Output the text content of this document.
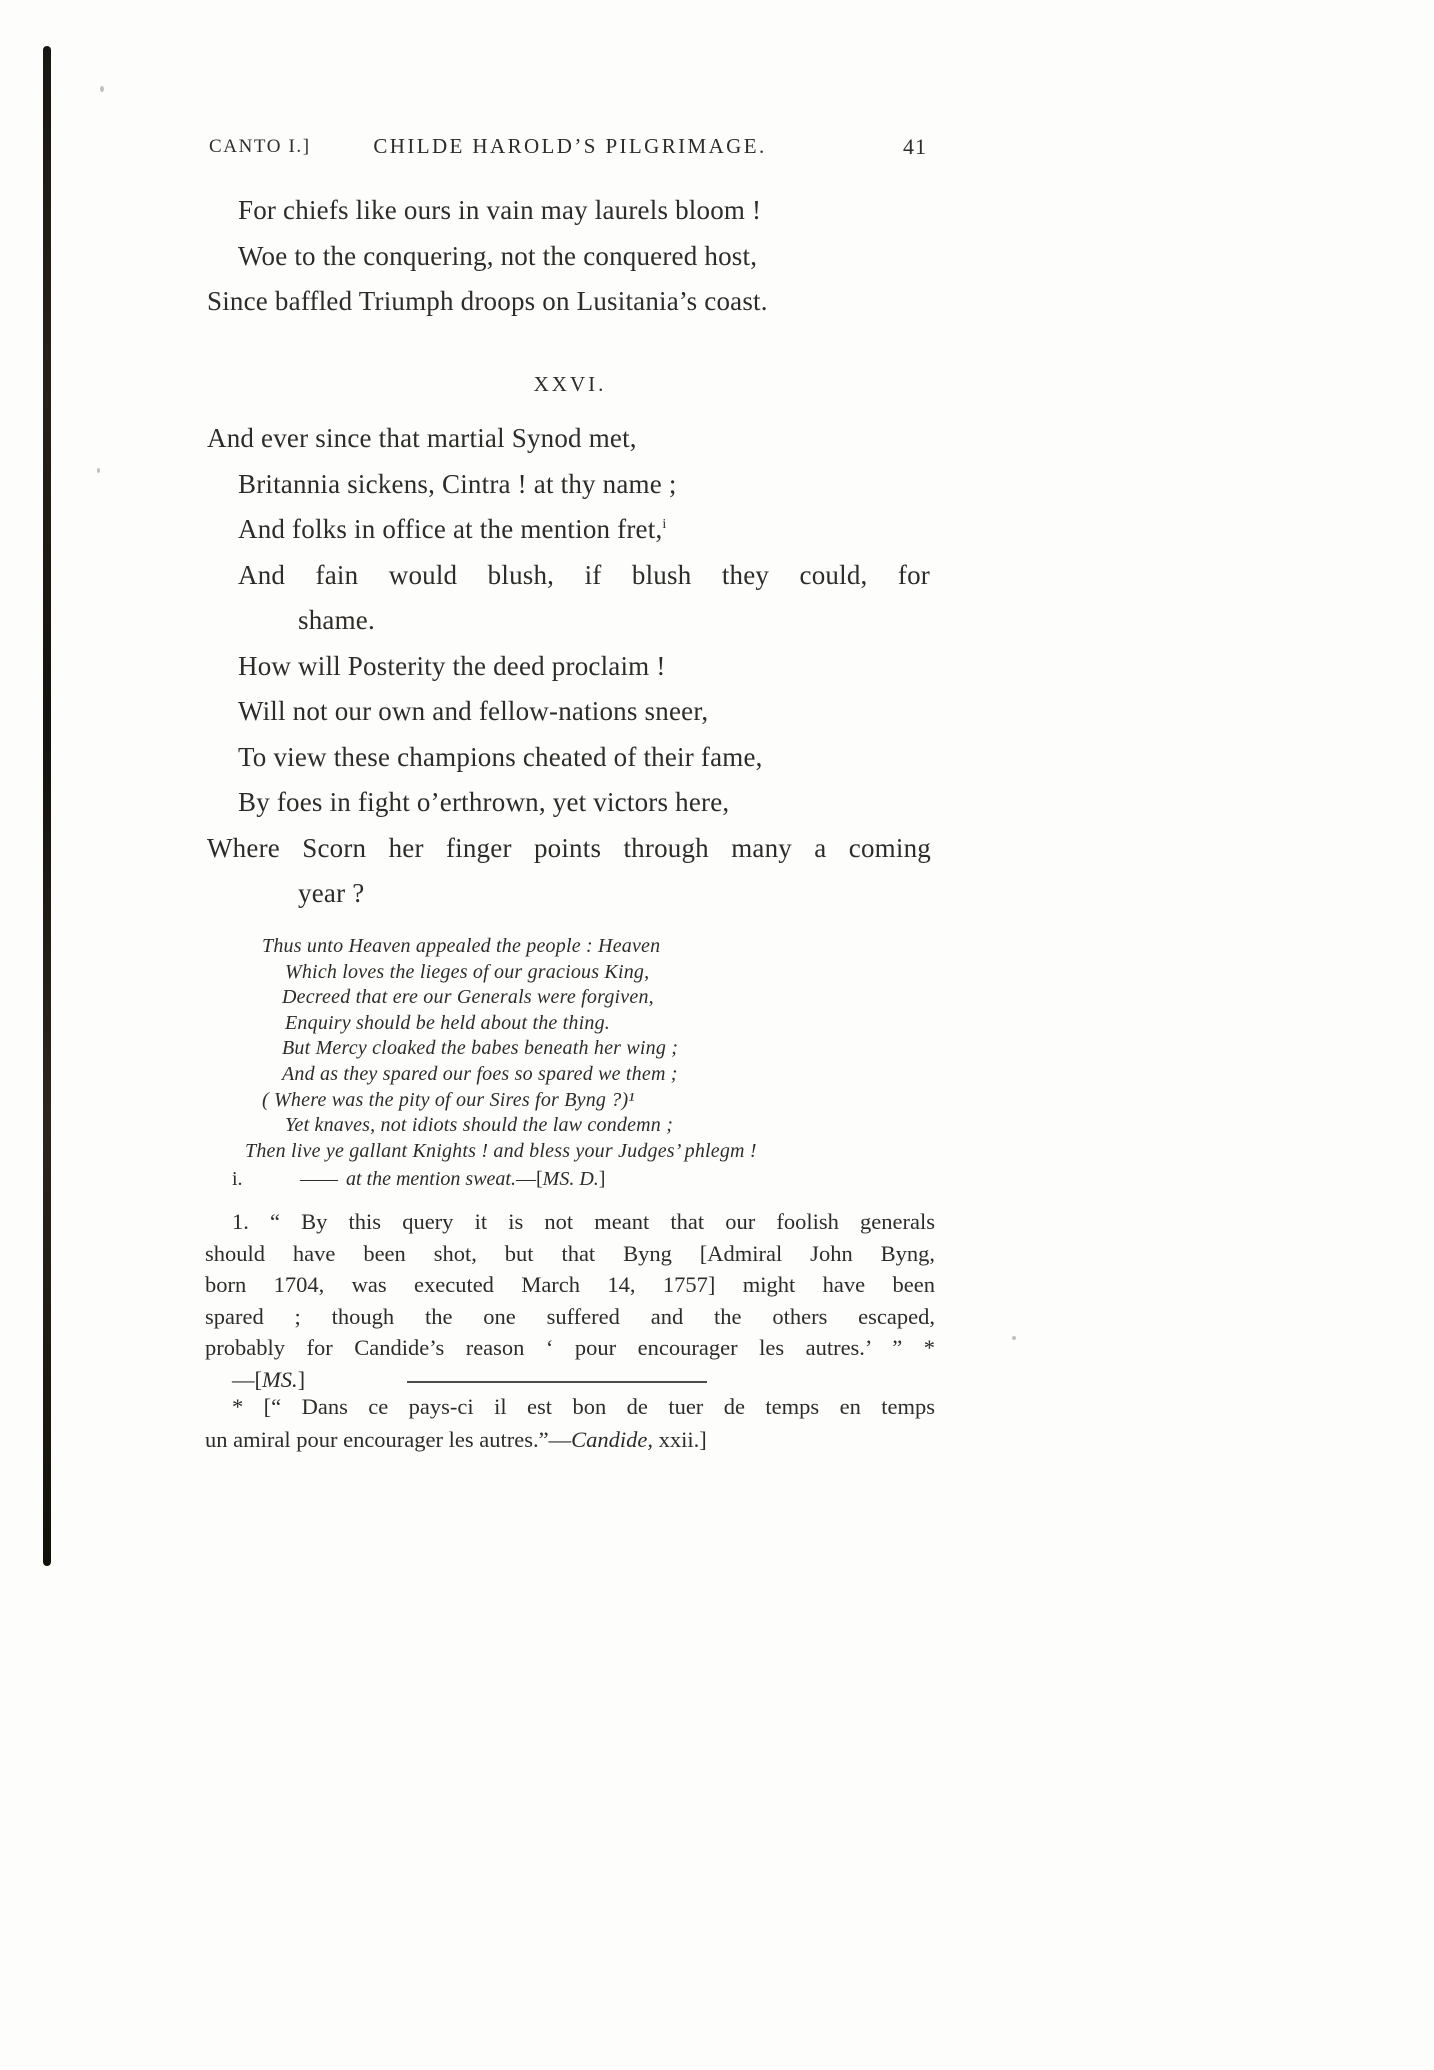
CANTO I.]	CHILDE HAROLD’S PILGRIMAGE.	41
For chiefs like ours in vain may laurels bloom !
Woe to the conquering, not the conquered host,
Since baffled Triumph droops on Lusitania’s coast.
XXVI.
And ever since that martial Synod met,
Britannia sickens, Cintra ! at thy name ;
And folks in office at the mention fret,$^i$
And fain would blush, if blush they could, for
shame.
How will Posterity the deed proclaim !
Will not our own and fellow-nations sneer,
To view these champions cheated of their fame,
By foes in fight o’erthrown, yet victors here,
Where Scorn her finger points through many a coming
year ?
Thus unto Heaven appealed the people : Heaven
Which loves the lieges of our gracious King,
Decreed that ere our Generals were forgiven,
Enquiry should be held about the thing.
But Mercy cloaked the babes beneath her wing ;
And as they spared our foes so spared we them ;
( Where was the pity of our Sires for Byng ?)¹
Yet knaves, not idiots should the law condemn ;
Then live ye gallant Knights ! and bless your Judges’ phlegm !
i.	—— at the mention sweat.—[MS. D.]
1. “ By this query it is not meant that our foolish generals
should have been shot, but that Byng [Admiral John Byng,
born 1704, was executed March 14, 1757] might have been
spared ; though the one suffered and the others escaped,
probably for Candide’s reason ‘ pour encourager les autres.’ ” *
—[MS.]
* [“ Dans ce pays-ci il est bon de tuer de temps en temps
un amiral pour encourager les autres.”—Candide, xxii.]
